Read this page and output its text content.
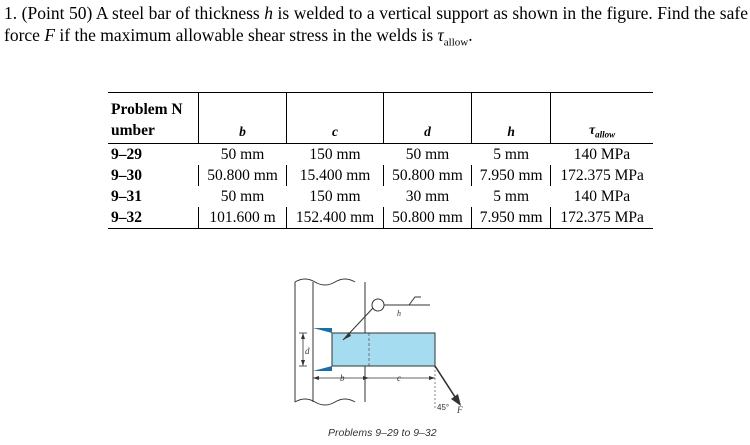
1. (Point 50) A steel bar of thickness h is welded to a vertical support as shown in the figure. Find the safe force F if the maximum allowable shear stress in the welds is $\tau_{allow}$.
Problem N
umber	b	c	d	h	$\tau_{allow}$
9–29	50 mm	150 mm	50 mm	5 mm	140 MPa
9–30	50.800 mm	15.400 mm	50.800 mm	7.950 mm	172.375 MPa
9–31	50 mm	150 mm	30 mm	5 mm	140 MPa
9–32	101.600 m	152.400 mm	50.800 mm	7.950 mm	172.375 MPa
h
d
b	c
45° F
Problems 9–29 to 9–32
